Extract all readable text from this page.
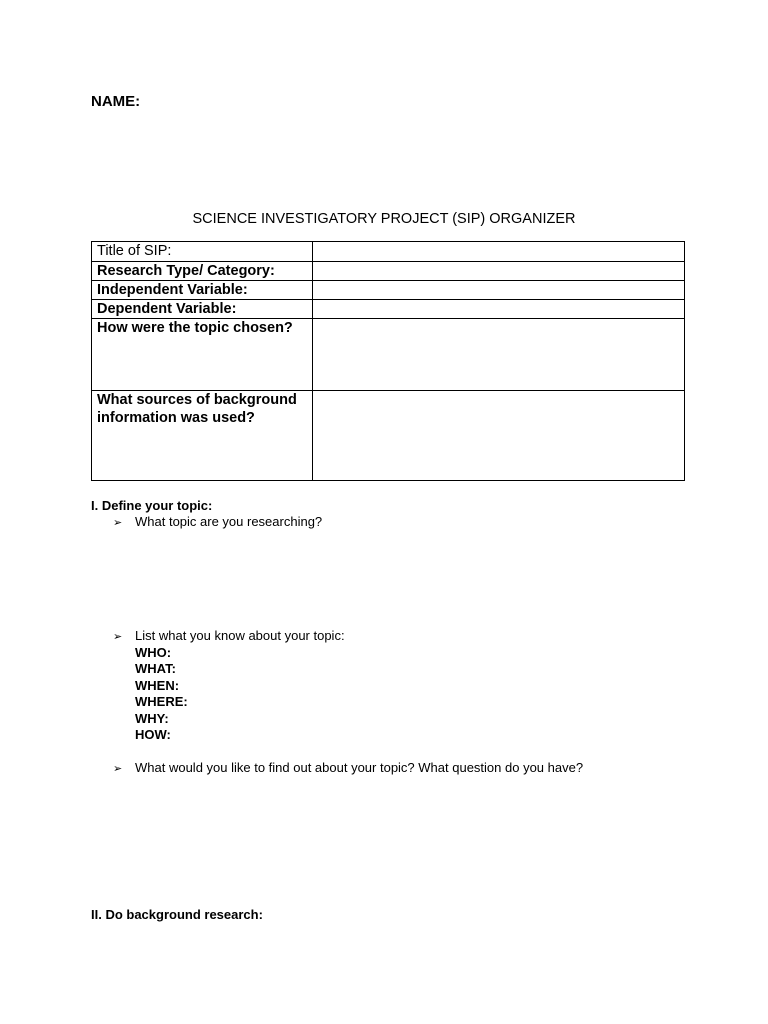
NAME:
SCIENCE INVESTIGATORY PROJECT (SIP) ORGANIZER
Title of SIP:	
Research Type/ Category:	
Independent Variable:	
Dependent Variable:	
How were the topic chosen?	
What sources of background information was used?	
I. Define your topic:
➢ What topic are you researching?
➢ List what you know about your topic:
WHO:
WHAT:
WHEN:
WHERE:
WHY:
HOW:
➢ What would you like to find out about your topic? What question do you have?
II. Do background research:
